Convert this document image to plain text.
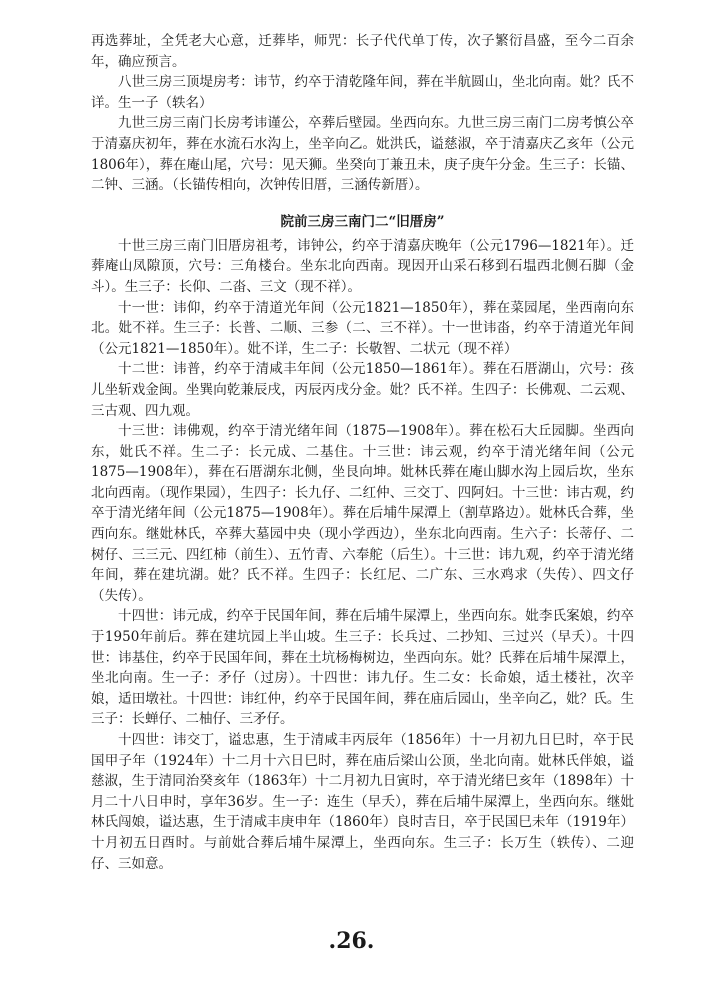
再选葬址，全凭老大心意，迁葬毕，师咒：长子代代单丁传，次子繁衍昌盛，至今二百余年，确应预言。

八世三房三顶堤房考：讳节，约卒于清乾隆年间，葬在半航圆山，坐北向南。妣？氏不详。生一子（轶名）

九世三房三南门长房考讳谨公，卒葬后壁园。坐西向东。九世三房三南门二房考慎公卒于清嘉庆初年，葬在水流石水沟上，坐辛向乙。妣洪氏，谥慈淑，卒于清嘉庆乙亥年（公元1806年），葬在庵山尾，穴号：见天狮。坐癸向丁兼丑未，庚子庚午分金。生三子：长锚、二钟、三涵。（长锚传相向，次钟传旧厝，三涵传新厝）。

院前三房三南门二“旧厝房”

十世三房三南门旧厝房祖考，讳钟公，约卒于清嘉庆晚年（公元1796—1821年）。迁葬庵山凤隙顶，穴号：三角楼台。坐东北向西南。现因开山采石移到石塭西北侧石脚（金斗）。生三子：长仰、二畓、三文（现不祥）。

十一世：讳仰，约卒于清道光年间（公元1821—1850年），葬在菜园尾，坐西南向东北。妣不祥。生三子：长普、二顺、三参（二、三不祥）。十一世讳畓，约卒于清道光年间（公元1821—1850年）。妣不详，生二子：长敬智、二状元（现不祥）

十二世：讳普，约卒于清咸丰年间（公元1850—1861年）。葬在石厝湖山，穴号：孩儿坐斩戏金闽。坐巽向乾兼辰戌，丙辰丙戌分金。妣？氏不祥。生四子：长佛观、二云观、三古观、四九观。

十三世：讳佛观，约卒于清光绪年间（1875—1908年）。葬在松石大丘园脚。坐西向东，妣氏不祥。生二子：长元成、二基住。十三世：讳云观，约卒于清光绪年间（公元1875—1908年），葬在石厝湖东北侧，坐艮向坤。妣林氏葬在庵山脚水沟上园后坎，坐东北向西南。（现作果园），生四子：长九仔、二红仲、三交丁、四阿妇。十三世：讳古观，约卒于清光绪年间（公元1875—1908年）。葬在后埔牛屎潭上（割草路边）。妣林氏合葬，坐西向东。继妣林氏，卒葬大墓园中央（现小学西边），坐东北向西南。生六子：长蒂仔、二树仔、三三元、四红柿（前生）、五竹青、六奉舵（后生）。十三世：讳九观，约卒于清光绪年间，葬在建坑湖。妣？氏不祥。生四子：长红尼、二广东、三水鸡求（失传）、四文仔（失传）。

十四世：讳元成，约卒于民国年间，葬在后埔牛屎潭上，坐西向东。妣李氏案娘，约卒于1950年前后。葬在建坑园上半山坡。生三子：长兵过、二抄知、三过兴（早夭）。十四世：讳基住，约卒于民国年间，葬在土坑杨梅树边，坐西向东。妣？氏葬在后埔牛屎潭上，坐北向南。生一子：矛仔（过房）。十四世：讳九仔。生二女：长命娘，适土楼社，次辛娘，适田墩社。十四世：讳红仲，约卒于民国年间，葬在庙后园山，坐辛向乙，妣？氏。生三子：长蝉仔、二柚仔、三矛仔。

十四世：讳交丁，谥忠惠，生于清咸丰丙辰年（1856年）十一月初九日巳时，卒于民国甲子年（1924年）十二月十六日巳时，葬在庙后梁山公顶，坐北向南。妣林氏伴娘，谥慈淑，生于清同治癸亥年（1863年）十二月初九日寅时，卒于清光绪巳亥年（1898年）十月二十八日申时，享年36岁。生一子：连生（早夭），葬在后埔牛屎潭上，坐西向东。继妣林氏闯娘，谥达惠，生于清咸丰庚申年（1860年）良时吉日，卒于民国巳未年（1919年）十月初五日酉时。与前妣合葬后埔牛屎潭上，坐西向东。生三子：长万生（轶传）、二迎仔、三如意。

.26.
